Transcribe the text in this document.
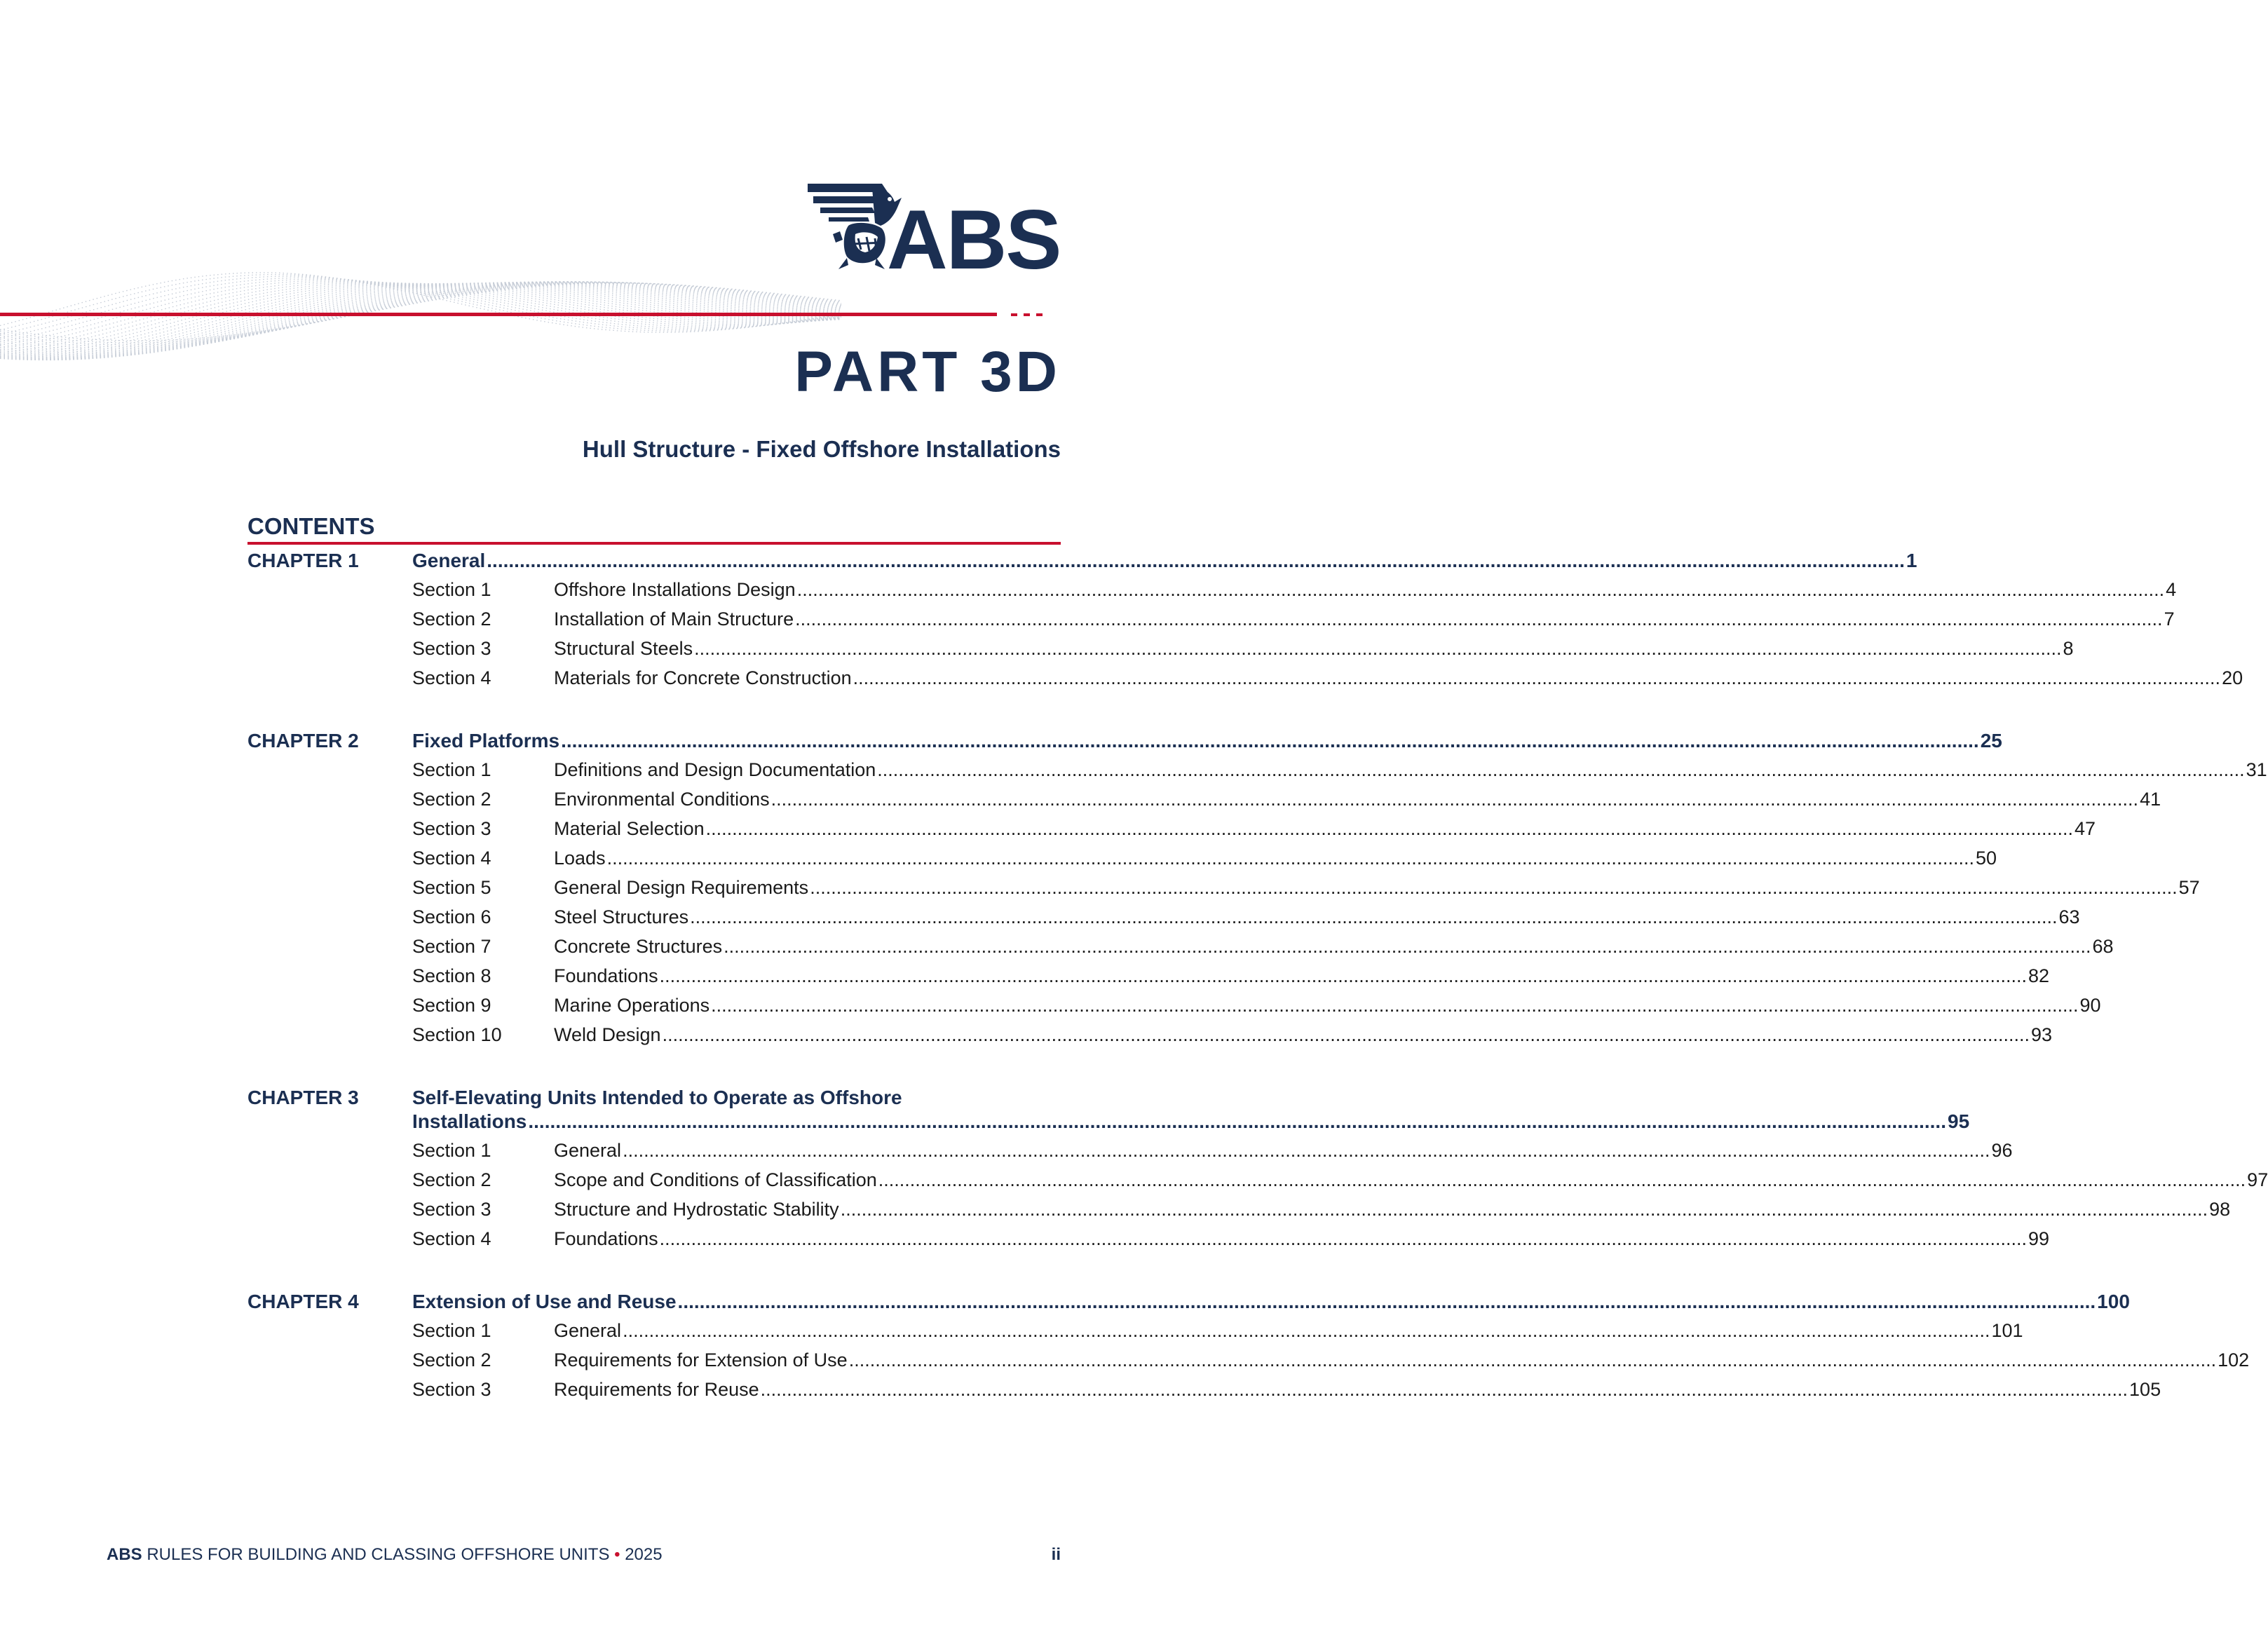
ABS
PART 3D
Hull Structure - Fixed Offshore Installations
CONTENTS
CHAPTER 1	General .................................................................................................................................................................................................................................................................... 1
Section 1	Offshore Installations Design .................................................................................................................................................................................................................................................................... 4
Section 2	Installation of Main Structure .................................................................................................................................................................................................................................................................... 7
Section 3	Structural Steels .................................................................................................................................................................................................................................................................... 8
Section 4	Materials for Concrete Construction .................................................................................................................................................................................................................................................................... 20
CHAPTER 2	Fixed Platforms .................................................................................................................................................................................................................................................................... 25
Section 1	Definitions and Design Documentation .................................................................................................................................................................................................................................................................... 31
Section 2	Environmental Conditions .................................................................................................................................................................................................................................................................... 41
Section 3	Material Selection .................................................................................................................................................................................................................................................................... 47
Section 4	Loads .................................................................................................................................................................................................................................................................... 50
Section 5	General Design Requirements .................................................................................................................................................................................................................................................................... 57
Section 6	Steel Structures .................................................................................................................................................................................................................................................................... 63
Section 7	Concrete Structures .................................................................................................................................................................................................................................................................... 68
Section 8	Foundations .................................................................................................................................................................................................................................................................... 82
Section 9	Marine Operations .................................................................................................................................................................................................................................................................... 90
Section 10	Weld Design .................................................................................................................................................................................................................................................................... 93
CHAPTER 3	Self-Elevating Units Intended to Operate as Offshore
Installations .................................................................................................................................................................................................................................................................... 95
Section 1	General .................................................................................................................................................................................................................................................................... 96
Section 2	Scope and Conditions of Classification .................................................................................................................................................................................................................................................................... 97
Section 3	Structure and Hydrostatic Stability .................................................................................................................................................................................................................................................................... 98
Section 4	Foundations .................................................................................................................................................................................................................................................................... 99
CHAPTER 4	Extension of Use and Reuse .................................................................................................................................................................................................................................................................... 100
Section 1	General .................................................................................................................................................................................................................................................................... 101
Section 2	Requirements for Extension of Use .................................................................................................................................................................................................................................................................... 102
Section 3	Requirements for Reuse .................................................................................................................................................................................................................................................................... 105
ABS RULES FOR BUILDING AND CLASSING OFFSHORE UNITS • 2025	ii
